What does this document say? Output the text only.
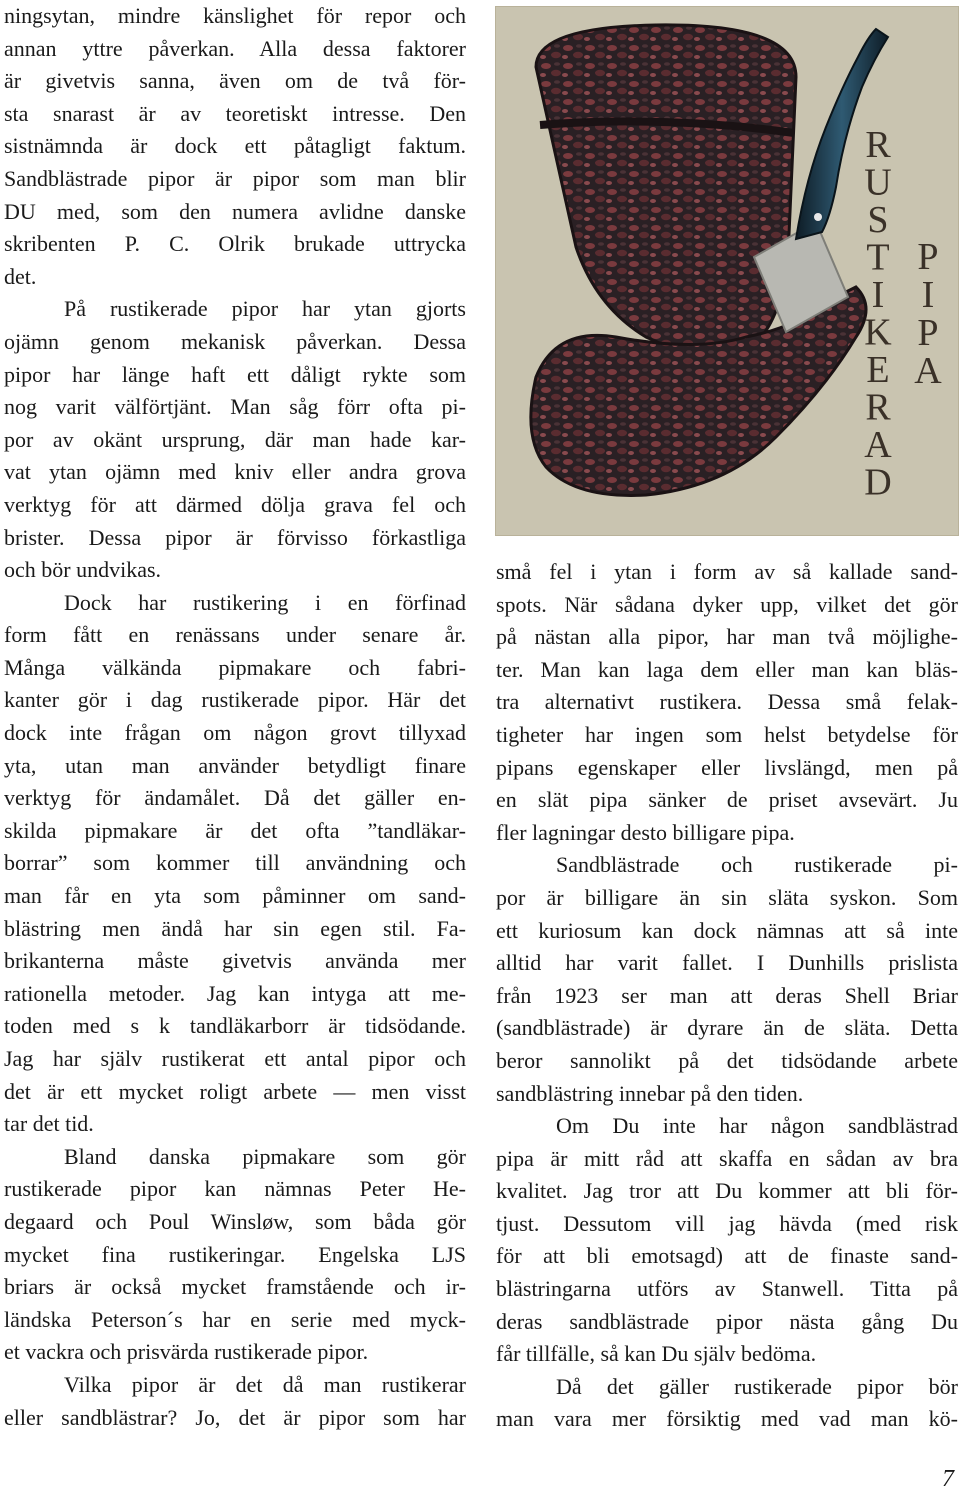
ningsytan, mindre känslighet för repor och
annan yttre påverkan. Alla dessa faktorer
är givetvis sanna, även om de två för-
sta snarast är av teoretiskt intresse. Den
sistnämnda är dock ett påtagligt faktum.
Sandblästrade pipor är pipor som man blir
DU med, som den numera avlidne danske
skribenten P. C. Olrik brukade uttrycka
det.
På rustikerade pipor har ytan gjorts
ojämn genom mekanisk påverkan. Dessa
pipor har länge haft ett dåligt rykte som
nog varit välförtjänt. Man såg förr ofta pi-
por av okänt ursprung, där man hade kar-
vat ytan ojämn med kniv eller andra grova
verktyg för att därmed dölja grava fel och
brister. Dessa pipor är förvisso förkastliga
och bör undvikas.
Dock har rustikering i en förfinad
form fått en renässans under senare år.
Många välkända pipmakare och fabri-
kanter gör i dag rustikerade pipor. Här det
dock inte frågan om någon grovt tillyxad
yta, utan man använder betydligt finare
verktyg för ändamålet. Då det gäller en-
skilda pipmakare är det ofta ”tandläkar-
borrar” som kommer till användning och
man får en yta som påminner om sand-
blästring men ändå har sin egen stil. Fa-
brikanterna måste givetvis använda mer
rationella metoder. Jag kan intyga att me-
toden med s k tandläkarborr är tidsödande.
Jag har själv rustikerat ett antal pipor och
det är ett mycket roligt arbete — men visst
tar det tid.
Bland danska pipmakare som gör
rustikerade pipor kan nämnas Peter He-
degaard och Poul Winsløw, som båda gör
mycket fina rustikeringar. Engelska LJS
briars är också mycket framstående och ir-
ländska Peterson´s har en serie med myck-
et vackra och prisvärda rustikerade pipor.
Vilka pipor är det då man rustikerar
eller sandblästrar? Jo, det är pipor som har
R
U
S
T
I
K
E
R
A
D
P
I
P
A
små fel i ytan i form av så kallade sand-
spots. När sådana dyker upp, vilket det gör
på nästan alla pipor, har man två möjlighe-
ter. Man kan laga dem eller man kan bläs-
tra alternativt rustikera. Dessa små felak-
tigheter har ingen som helst betydelse för
pipans egenskaper eller livslängd, men på
en slät pipa sänker de priset avsevärt. Ju
fler lagningar desto billigare pipa.
Sandblästrade och rustikerade pi-
por är billigare än sin släta syskon. Som
ett kuriosum kan dock nämnas att så inte
alltid har varit fallet. I Dunhills prislista
från 1923 ser man att deras Shell Briar
(sandblästrade) är dyrare än de släta. Detta
beror sannolikt på det tidsödande arbete
sandblästring innebar på den tiden.
Om Du inte har någon sandblästrad
pipa är mitt råd att skaffa en sådan av bra
kvalitet. Jag tror att Du kommer att bli för-
tjust. Dessutom vill jag hävda (med risk
för att bli emotsagd) att de finaste sand-
blästringarna utförs av Stanwell. Titta på
deras sandblästrade pipor nästa gång Du
får tillfälle, så kan Du själv bedöma.
Då det gäller rustikerade pipor bör
man vara mer försiktig med vad man kö-
7
